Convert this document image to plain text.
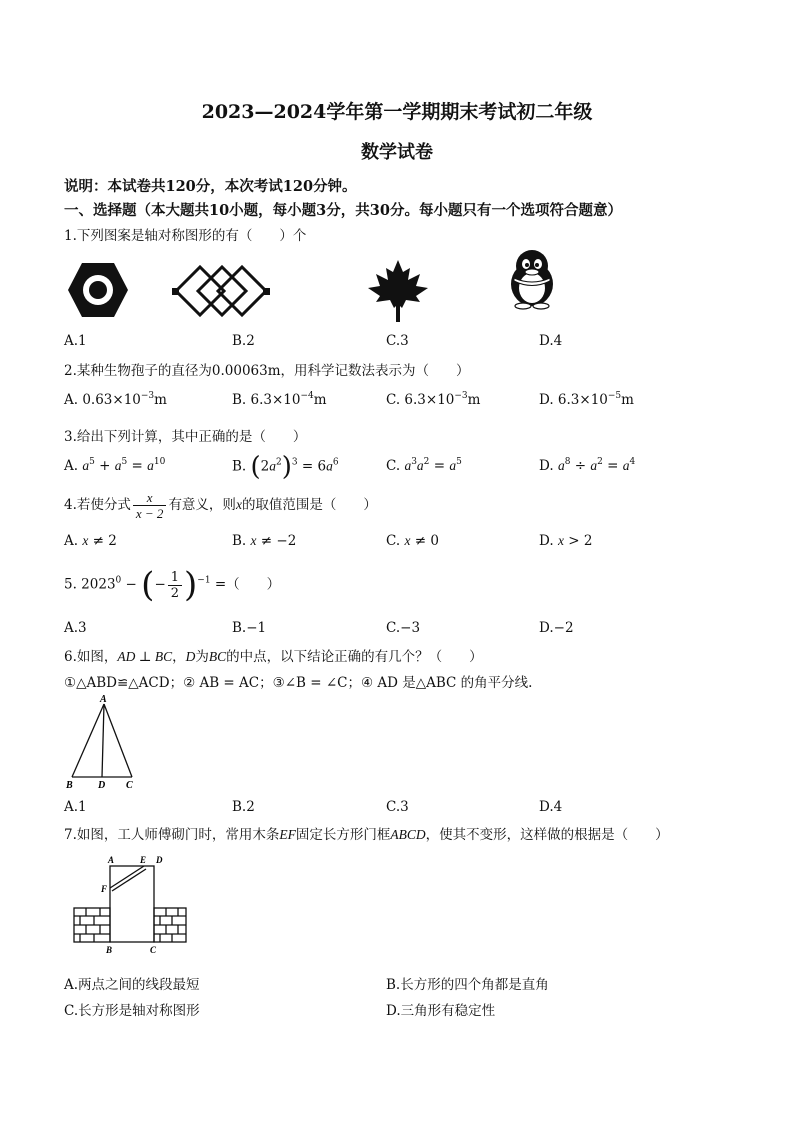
2023—2024学年第一学期期末考试初二年级
数学试卷
说明：本试卷共120分，本次考试120分钟。
一、选择题（本大题共10小题，每小题3分，共30分。每小题只有一个选项符合题意）
1.下列图案是轴对称图形的有（　　）个
A.1	B.2	C.3	D.4
2.某种生物孢子的直径为0.00063m，用科学记数法表示为（　　）
A. $0.63\times 10^{-3}m$	B. $6.3\times 10^{-4}m$	C. $6.3\times 10^{-3}m$	D. $6.3\times 10^{-5}m$
3.给出下列计算，其中正确的是（　　）
A. $a^5 + a^5 = a^{10}$	B. $(2a^2)^3 = 6a^6$	C. $a^3a^2 = a^5$	D. $a^8 \div a^2 = a^4$
4.若使分式 $\frac{x}{x - 2}$ 有意义，则x的取值范围是（　　）
A. x ≠ 2	B. x ≠ −2	C. x ≠ 0	D. x > 2
5. $2023^0$ − (− $\frac{1}{2} )^{-1}$ =（　　）
A.3	B.−1	C.−3	D.−2
6.如图，AD ⊥ BC，D为BC的中点，以下结论正确的有几个？（　　）
①△ABD≌△ACD；② AB = AC；③∠B = ∠C；④ AD 是△ABC 的角平分线.
A
B	D C
A.1	B.2	C.3	D.4
7.如图，工人师傅砌门时，常用木条EF固定长方形门框ABCD，使其不变形，这样做的根据是（　　）
A	E D
F
B	C
A.两点之间的线段最短	B.长方形的四个角都是直角
C.长方形是轴对称图形	D.三角形有稳定性
